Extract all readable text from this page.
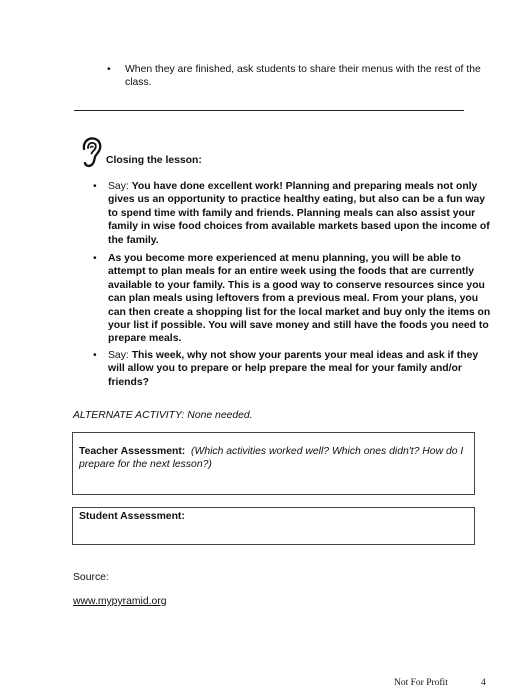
• When they are finished, ask students to share their menus with the rest of the class.
Closing the lesson:
• Say: You have done excellent work! Planning and preparing meals not only gives us an opportunity to practice healthy eating, but also can be a fun way to spend time with family and friends. Planning meals can also assist your family in wise food choices from available markets based upon the income of the family.
• As you become more experienced at menu planning, you will be able to attempt to plan meals for an entire week using the foods that are currently available to your family. This is a good way to conserve resources since you can plan meals using leftovers from a previous meal. From your plans, you can then create a shopping list for the local market and buy only the items on your list if possible. You will save money and still have the foods you need to prepare meals.
• Say: This week, why not show your parents your meal ideas and ask if they will allow you to prepare or help prepare the meal for your family and/or friends?
ALTERNATE ACTIVITY: None needed.
Teacher Assessment: (Which activities worked well? Which ones didn't? How do I prepare for the next lesson?)
Student Assessment:
Source:
www.mypyramid.org
Not For Profit	4
